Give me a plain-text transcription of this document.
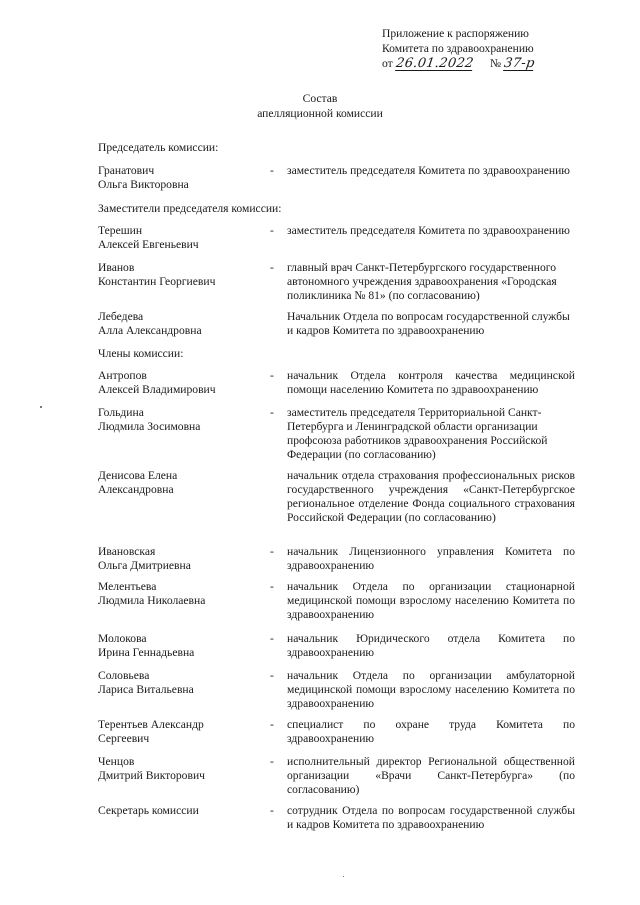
Приложение к распоряжению
Комитета по здравоохранению
от 26.01.2022 № 37-р
Состав
апелляционной комиссии
Председатель комиссии:
Заместители председателя комиссии:
Члены комиссии:
Гранатович
Ольга Викторовна
- заместитель председателя Комитета по здравоохранению
Терешин
Алексей Евгеньевич
- заместитель председателя Комитета по здравоохранению
Иванов
Константин Георгиевич
- главный врач Санкт-Петербургского государственного автономного учреждения здравоохранения «Городская поликлиника № 81» (по согласованию)
Лебедева
Алла Александровна
Начальник Отдела по вопросам государственной службы и кадров Комитета по здравоохранению
Антропов
Алексей Владимирович
- начальник Отдела контроля качества медицинской помощи населению Комитета по здравоохранению
Гольдина
Людмила Зосимовна
- заместитель председателя Территориальной Санкт-Петербурга и Ленинградской области организации профсоюза работников здравоохранения Российской Федерации (по согласованию)
Денисова Елена
Александровна
начальник отдела страхования профессиональных рисков государственного учреждения «Санкт-Петербургское региональное отделение Фонда социального страхования Российской Федерации (по согласованию)
Ивановская
Ольга Дмитриевна
- начальник Лицензионного управления Комитета по здравоохранению
Мелентьева
Людмила Николаевна
- начальник Отдела по организации стационарной медицинской помощи взрослому населению Комитета по здравоохранению
Молокова
Ирина Геннадьевна
- начальник Юридического отдела Комитета по здравоохранению
Соловьева
Лариса Витальевна
- начальник Отдела по организации амбулаторной медицинской помощи взрослому населению Комитета по здравоохранению
Терентьев Александр
Сергеевич
- специалист по охране труда Комитета по здравоохранению
Ченцов
Дмитрий Викторович
- исполнительный директор Региональной общественной организации «Врачи Санкт-Петербурга» (по согласованию)
Секретарь комиссии	- сотрудник Отдела по вопросам государственной службы и кадров Комитета по здравоохранению
